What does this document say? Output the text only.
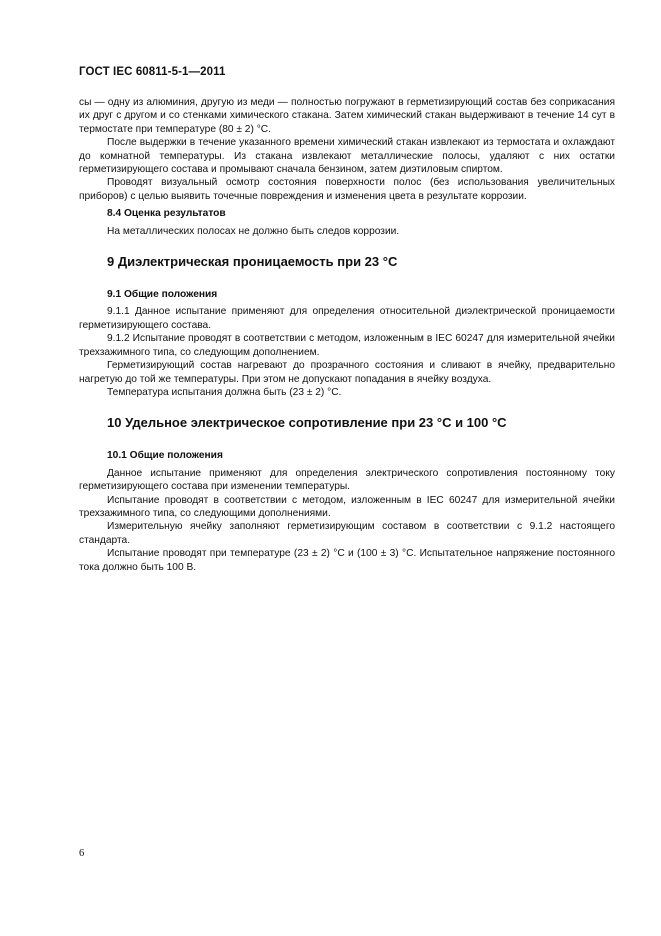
ГОСТ IEC 60811-5-1—2011

сы — одну из алюминия, другую из меди — полностью погружают в герметизирующий состав без соприкасания их друг с другом и со стенками химического стакана. Затем химический стакан выдерживают в течение 14 сут в термостате при температуре (80 ± 2) °С.

После выдержки в течение указанного времени химический стакан извлекают из термостата и охлаждают до комнатной температуры. Из стакана извлекают металлические полосы, удаляют с них остатки герметизирующего состава и промывают сначала бензином, затем диэтиловым спиртом.

Проводят визуальный осмотр состояния поверхности полос (без использования увеличительных приборов) с целью выявить точечные повреждения и изменения цвета в результате коррозии.

8.4 Оценка результатов

На металлических полосах не должно быть следов коррозии.

9 Диэлектрическая проницаемость при 23 °С
9.1 Общие положения

9.1.1 Данное испытание применяют для определения относительной диэлектрической проницаемости герметизирующего состава.

9.1.2 Испытание проводят в соответствии с методом, изложенным в IEC 60247 для измерительной ячейки трехзажимного типа, со следующим дополнением.

Герметизирующий состав нагревают до прозрачного состояния и сливают в ячейку, предварительно нагретую до той же температуры. При этом не допускают попадания в ячейку воздуха.

Температура испытания должна быть (23 ± 2) °С.

10 Удельное электрическое сопротивление при 23 °С и 100 °С
10.1 Общие положения

Данное испытание применяют для определения электрического сопротивления постоянному току герметизирующего состава при изменении температуры.

Испытание проводят в соответствии с методом, изложенным в IEC 60247 для измерительной ячейки трехзажимного типа, со следующими дополнениями.

Измерительную ячейку заполняют герметизирующим составом в соответствии с 9.1.2 настоящего стандарта.

Испытание проводят при температуре (23 ± 2) °С и (100 ± 3) °С. Испытательное напряжение постоянного тока должно быть 100 В.

6
